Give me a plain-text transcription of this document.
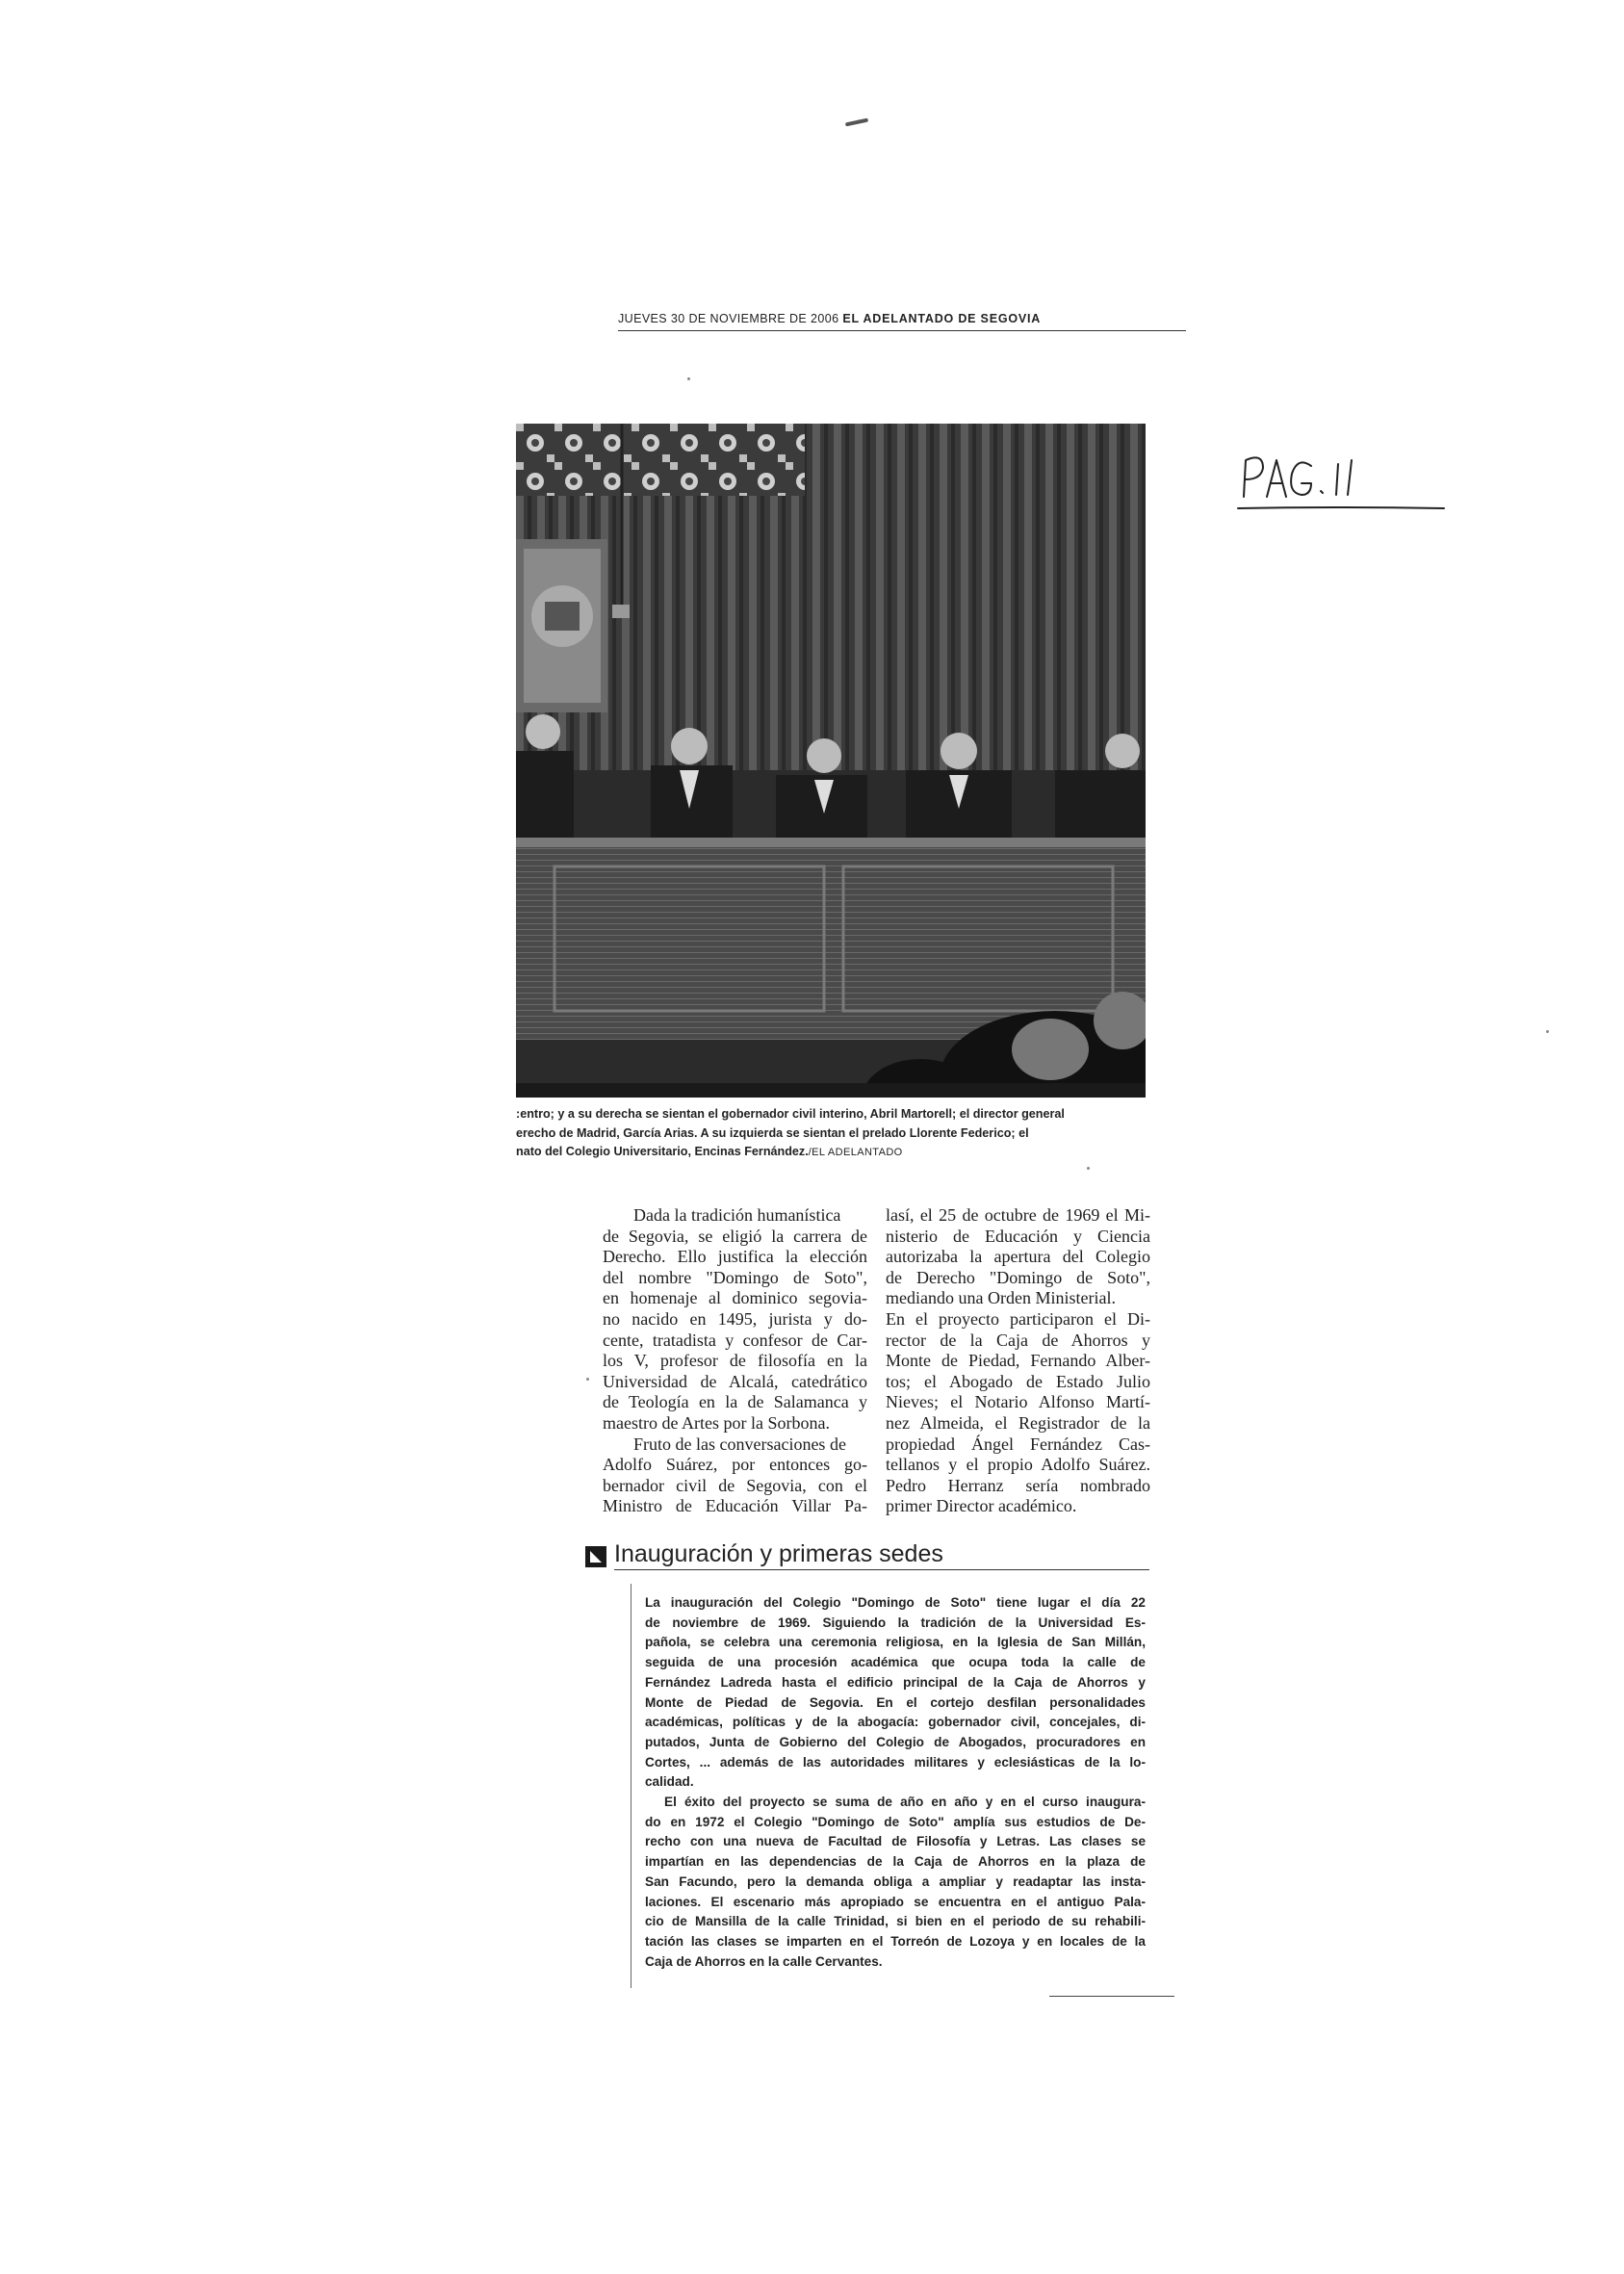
JUEVES 30 DE NOVIEMBRE DE 2006 EL ADELANTADO DE SEGOVIA
:entro; y a su derecha se sientan el gobernador civil interino, Abril Martorell; el director general
erecho de Madrid, García Arias. A su izquierda se sientan el prelado Llorente Federico; el
nato del Colegio Universitario, Encinas Fernández./EL ADELANTADO
Dada la tradición humanística
de Segovia, se eligió la carrera de
Derecho. Ello justifica la elección
del nombre "Domingo de Soto",
en homenaje al dominico segovia-
no nacido en 1495, jurista y do-
cente, tratadista y confesor de Car-
los V, profesor de filosofía en la
Universidad de Alcalá, catedrático
de Teología en la de Salamanca y
maestro de Artes por la Sorbona.
Fruto de las conversaciones de
Adolfo Suárez, por entonces go-
bernador civil de Segovia, con el
Ministro de Educación Villar Pa-
lasí, el 25 de octubre de 1969 el Mi-
nisterio de Educación y Ciencia
autorizaba la apertura del Colegio
de Derecho "Domingo de Soto",
mediando una Orden Ministerial.
En el proyecto participaron el Di-
rector de la Caja de Ahorros y
Monte de Piedad, Fernando Alber-
tos; el Abogado de Estado Julio
Nieves; el Notario Alfonso Martí-
nez Almeida, el Registrador de la
propiedad Ángel Fernández Cas-
tellanos y el propio Adolfo Suárez.
Pedro Herranz sería nombrado
primer Director académico.
Inauguración y primeras sedes
La inauguración del Colegio "Domingo de Soto" tiene lugar el día 22
de noviembre de 1969. Siguiendo la tradición de la Universidad Es-
pañola, se celebra una ceremonia religiosa, en la Iglesia de San Millán,
seguida de una procesión académica que ocupa toda la calle de
Fernández Ladreda hasta el edificio principal de la Caja de Ahorros y
Monte de Piedad de Segovia. En el cortejo desfilan personalidades
académicas, políticas y de la abogacía: gobernador civil, concejales, di-
putados, Junta de Gobierno del Colegio de Abogados, procuradores en
Cortes, ... además de las autoridades militares y eclesiásticas de la lo-
calidad.
El éxito del proyecto se suma de año en año y en el curso inaugura-
do en 1972 el Colegio "Domingo de Soto" amplía sus estudios de De-
recho con una nueva de Facultad de Filosofía y Letras. Las clases se
impartían en las dependencias de la Caja de Ahorros en la plaza de
San Facundo, pero la demanda obliga a ampliar y readaptar las insta-
laciones. El escenario más apropiado se encuentra en el antiguo Pala-
cio de Mansilla de la calle Trinidad, si bien en el periodo de su rehabili-
tación las clases se imparten en el Torreón de Lozoya y en locales de la
Caja de Ahorros en la calle Cervantes.
